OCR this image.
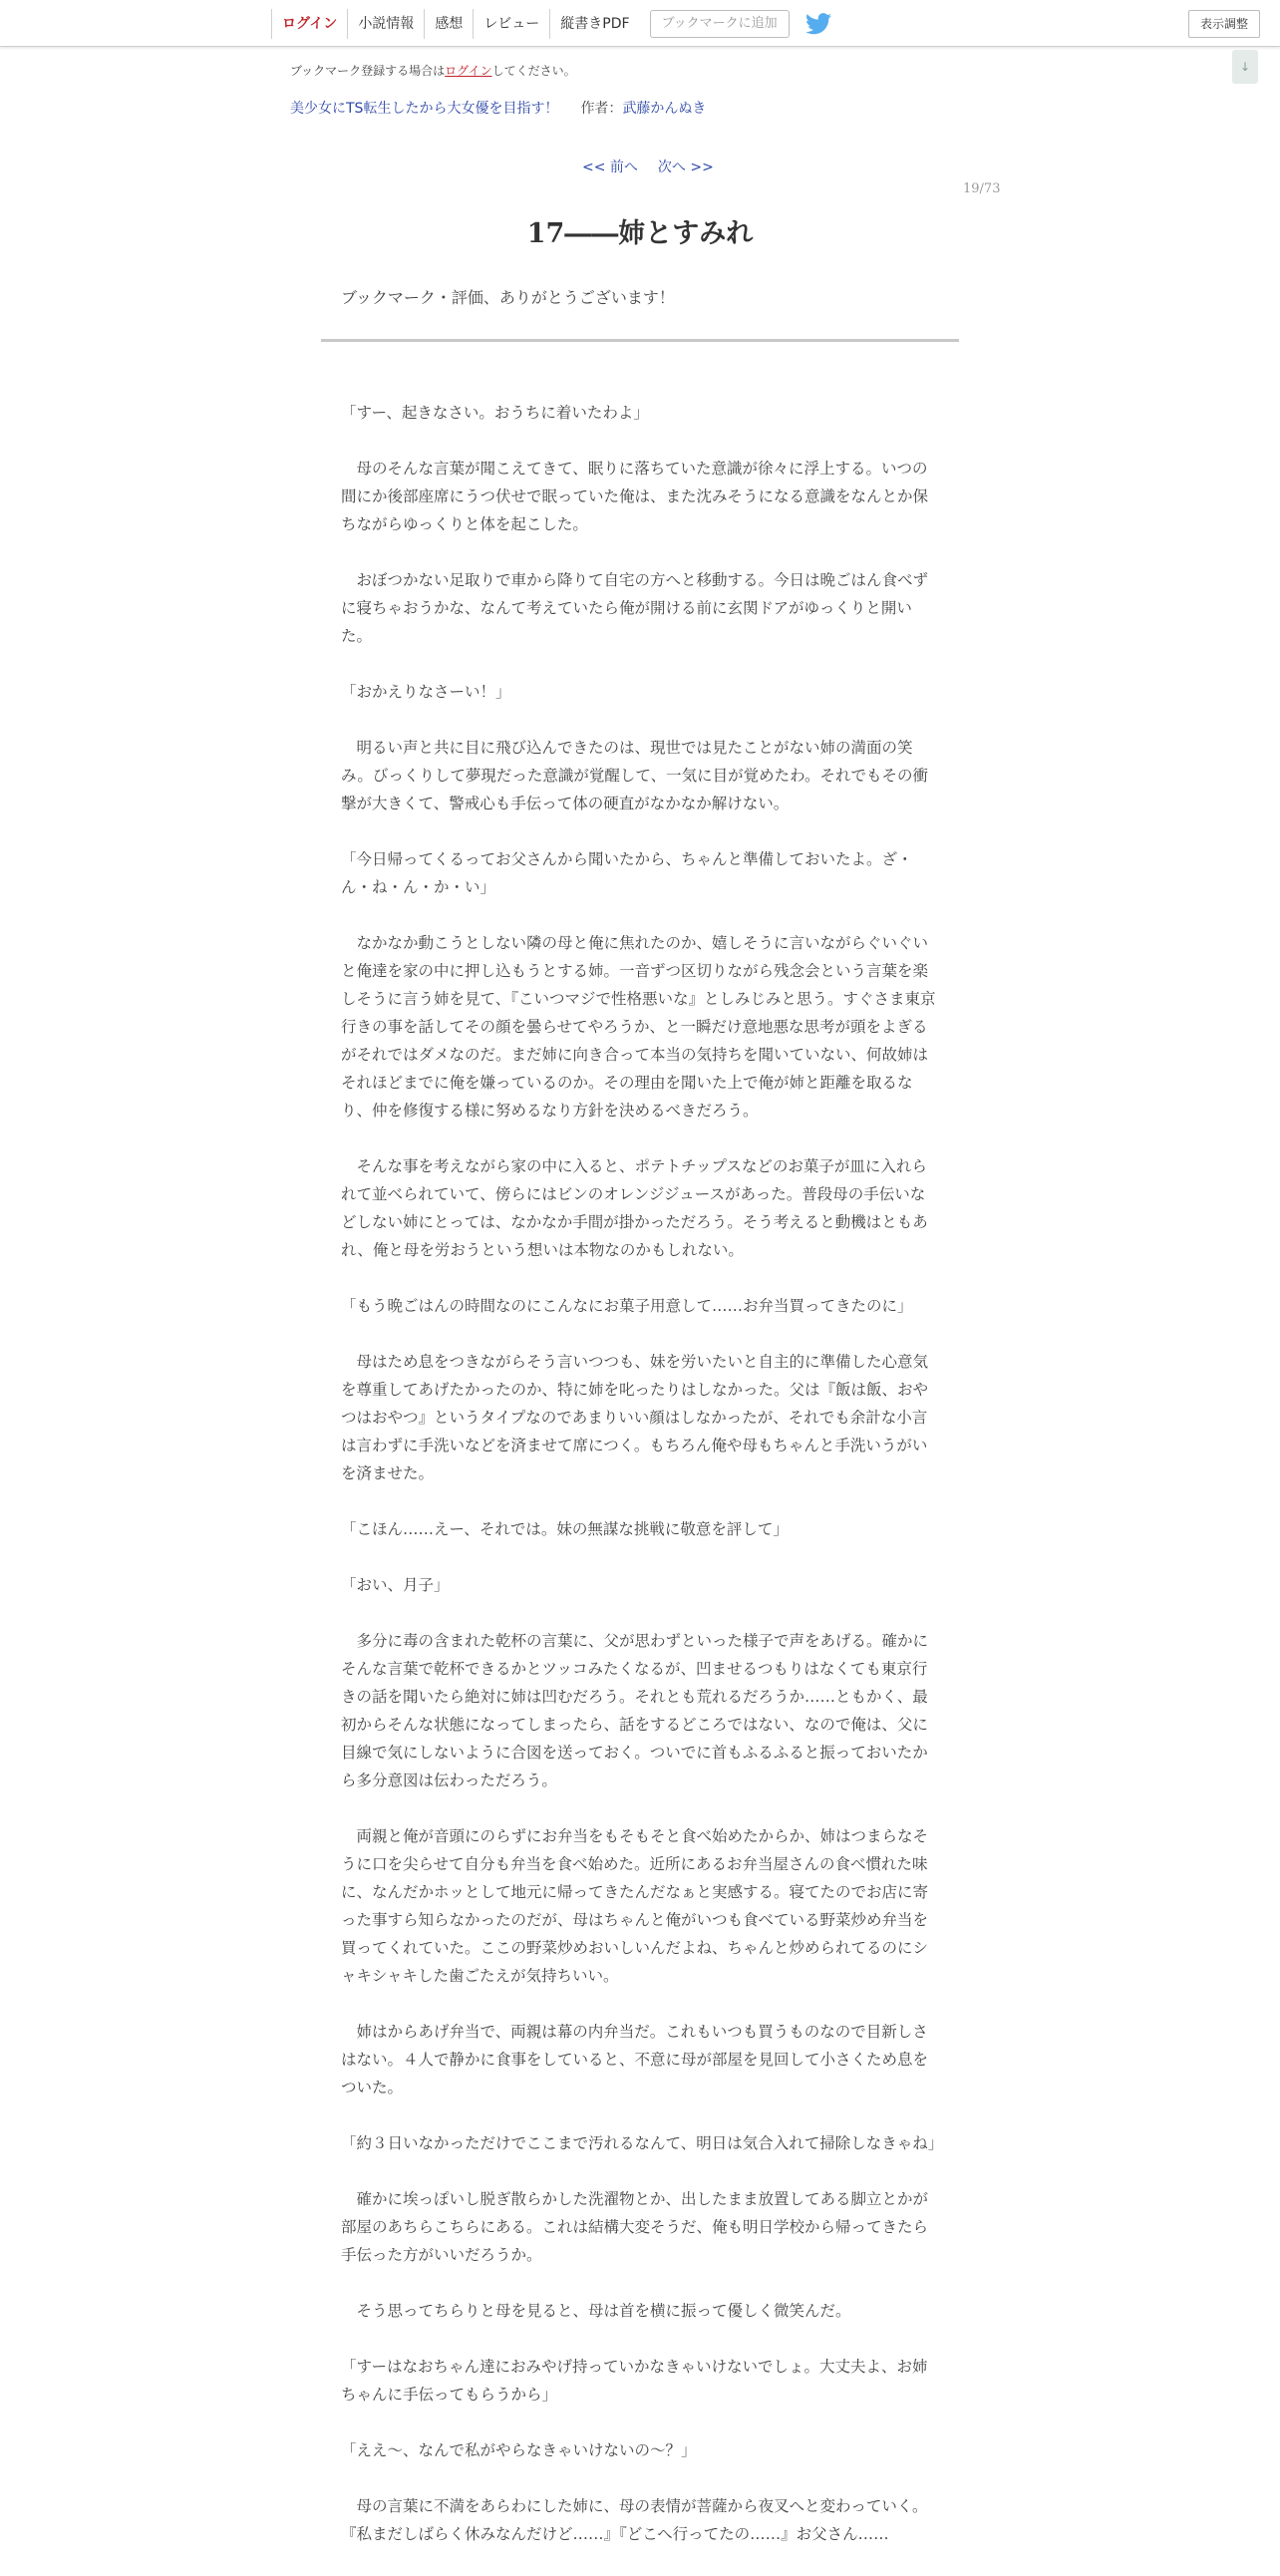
ログイン	小説情報	感想	レビュー	縦書きPDF	ブックマークに追加	表示調整
↓
ブックマーク登録する場合はログインしてください。
美少女にTS転生したから大女優を目指す！ 作者：武藤かんぬき
<< 前へ 次へ >>
19/73
17――姉とすみれ
ブックマーク・評価、ありがとうございます！

「すー、起きなさい。おうちに着いたわよ」

　母のそんな言葉が聞こえてきて、眠りに落ちていた意識が徐々に浮上する。いつの間にか後部座席にうつ伏せで眠っていた俺は、また沈みそうになる意識をなんとか保ちながらゆっくりと体を起こした。

　おぼつかない足取りで車から降りて自宅の方へと移動する。今日は晩ごはん食べずに寝ちゃおうかな、なんて考えていたら俺が開ける前に玄関ドアがゆっくりと開いた。

「おかえりなさーい！」

　明るい声と共に目に飛び込んできたのは、現世では見たことがない姉の満面の笑み。びっくりして夢現だった意識が覚醒して、一気に目が覚めたわ。それでもその衝撃が大きくて、警戒心も手伝って体の硬直がなかなか解けない。

「今日帰ってくるってお父さんから聞いたから、ちゃんと準備しておいたよ。ざ・ん・ね・ん・か・い」

　なかなか動こうとしない隣の母と俺に焦れたのか、嬉しそうに言いながらぐいぐいと俺達を家の中に押し込もうとする姉。一音ずつ区切りながら残念会という言葉を楽しそうに言う姉を見て、『こいつマジで性格悪いな』としみじみと思う。すぐさま東京行きの事を話してその顔を曇らせてやろうか、と一瞬だけ意地悪な思考が頭をよぎるがそれではダメなのだ。まだ姉に向き合って本当の気持ちを聞いていない、何故姉はそれほどまでに俺を嫌っているのか。その理由を聞いた上で俺が姉と距離を取るなり、仲を修復する様に努めるなり方針を決めるべきだろう。

　そんな事を考えながら家の中に入ると、ポテトチップスなどのお菓子が皿に入れられて並べられていて、傍らにはビンのオレンジジュースがあった。普段母の手伝いなどしない姉にとっては、なかなか手間が掛かっただろう。そう考えると動機はともあれ、俺と母を労おうという想いは本物なのかもしれない。

「もう晩ごはんの時間なのにこんなにお菓子用意して……お弁当買ってきたのに」

　母はため息をつきながらそう言いつつも、妹を労いたいと自主的に準備した心意気を尊重してあげたかったのか、特に姉を叱ったりはしなかった。父は『飯は飯、おやつはおやつ』というタイプなのであまりいい顔はしなかったが、それでも余計な小言は言わずに手洗いなどを済ませて席につく。もちろん俺や母もちゃんと手洗いうがいを済ませた。

「こほん……えー、それでは。妹の無謀な挑戦に敬意を評して」

「おい、月子」

　多分に毒の含まれた乾杯の言葉に、父が思わずといった様子で声をあげる。確かにそんな言葉で乾杯できるかとツッコみたくなるが、凹ませるつもりはなくても東京行きの話を聞いたら絶対に姉は凹むだろう。それとも荒れるだろうか……ともかく、最初からそんな状態になってしまったら、話をするどころではない、なので俺は、父に目線で気にしないように合図を送っておく。ついでに首もふるふると振っておいたから多分意図は伝わっただろう。

　両親と俺が音頭にのらずにお弁当をもそもそと食べ始めたからか、姉はつまらなそうに口を尖らせて自分も弁当を食べ始めた。近所にあるお弁当屋さんの食べ慣れた味に、なんだかホッとして地元に帰ってきたんだなぁと実感する。寝てたのでお店に寄った事すら知らなかったのだが、母はちゃんと俺がいつも食べている野菜炒め弁当を買ってくれていた。ここの野菜炒めおいしいんだよね、ちゃんと炒められてるのにシャキシャキした歯ごたえが気持ちいい。

　姉はからあげ弁当で、両親は幕の内弁当だ。これもいつも買うものなので目新しさはない。４人で静かに食事をしていると、不意に母が部屋を見回して小さくため息をついた。

「約３日いなかっただけでここまで汚れるなんて、明日は気合入れて掃除しなきゃね」

　確かに埃っぽいし脱ぎ散らかした洗濯物とか、出したまま放置してある脚立とかが部屋のあちらこちらにある。これは結構大変そうだ、俺も明日学校から帰ってきたら手伝った方がいいだろうか。

　そう思ってちらりと母を見ると、母は首を横に振って優しく微笑んだ。

「すーはなおちゃん達におみやげ持っていかなきゃいけないでしょ。大丈夫よ、お姉ちゃんに手伝ってもらうから」

「ええ～、なんで私がやらなきゃいけないの～？」

　母の言葉に不満をあらわにした姉に、母の表情が菩薩から夜叉へと変わっていく。『私まだしばらく休みなんだけど……』『どこへ行ってたの……』お父さん……
